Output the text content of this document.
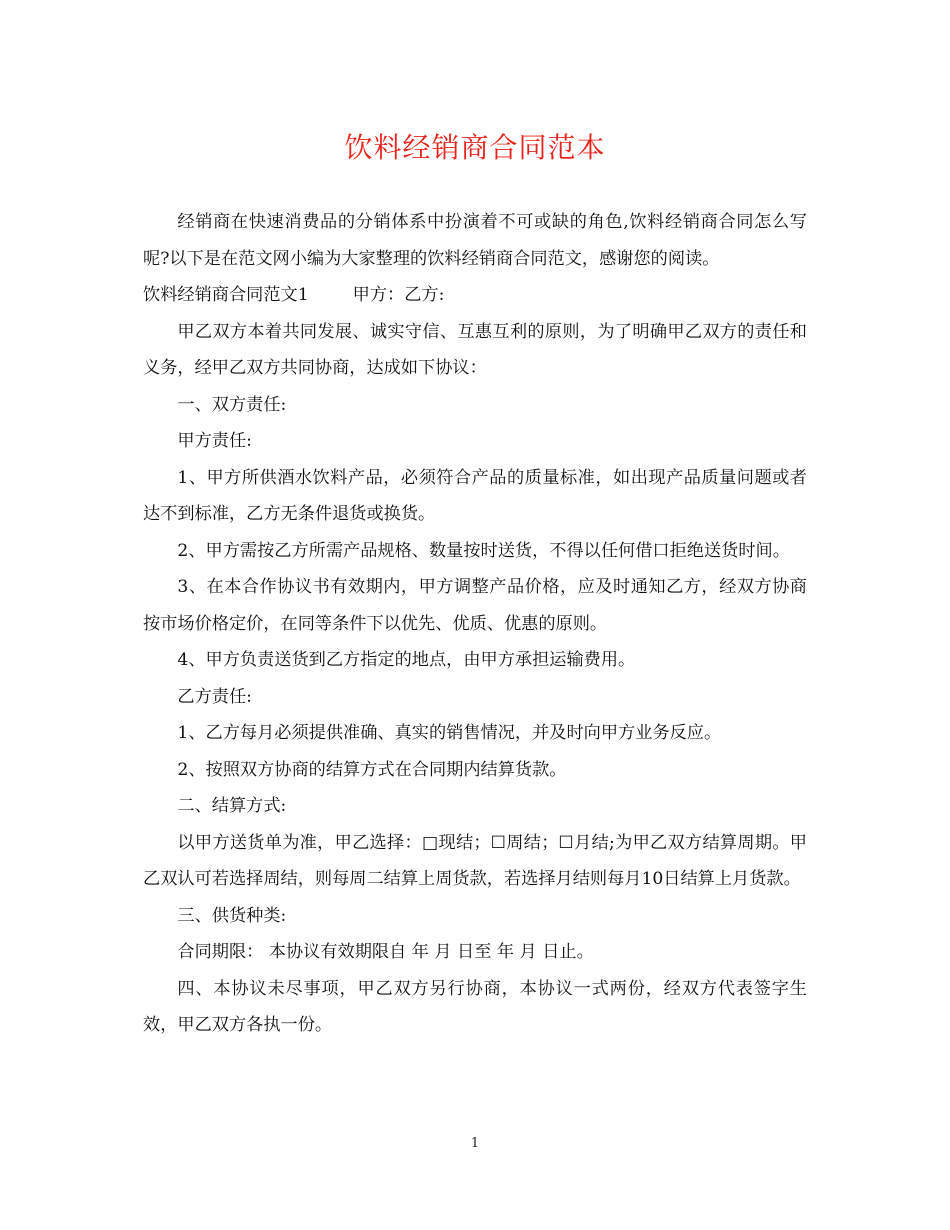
饮料经销商合同范本

经销商在快速消费品的分销体系中扮演着不可或缺的角色,饮料经销商合同怎么写呢?以下是在范文网小编为大家整理的饮料经销商合同范文，感谢您的阅读。

饮料经销商合同范文1	甲方：乙方:

甲乙双方本着共同发展、诚实守信、互惠互利的原则，为了明确甲乙双方的责任和义务，经甲乙双方共同协商，达成如下协议：

一、双方责任:

甲方责任:

1、甲方所供酒水饮料产品，必须符合产品的质量标准，如出现产品质量问题或者达不到标准，乙方无条件退货或换货。

2、甲方需按乙方所需产品规格、数量按时送货，不得以任何借口拒绝送货时间。

3、在本合作协议书有效期内，甲方调整产品价格，应及时通知乙方，经双方协商按市场价格定价，在同等条件下以优先、优质、优惠的原则。

4、甲方负责送货到乙方指定的地点，由甲方承担运输费用。

乙方责任:

1、乙方每月必须提供准确、真实的销售情况，并及时向甲方业务反应。

2、按照双方协商的结算方式在合同期内结算货款。

二、结算方式:

以甲方送货单为准，甲乙选择：□现结；☐周结；☐月结;为甲乙双方结算周期。甲乙双认可若选择周结，则每周二结算上周货款，若选择月结则每月10日结算上月货款。

三、供货种类:

合同期限： 本协议有效期限自 年 月 日至 年 月 日止。

四、本协议未尽事项，甲乙双方另行协商，本协议一式两份，经双方代表签字生效，甲乙双方各执一份。

1
